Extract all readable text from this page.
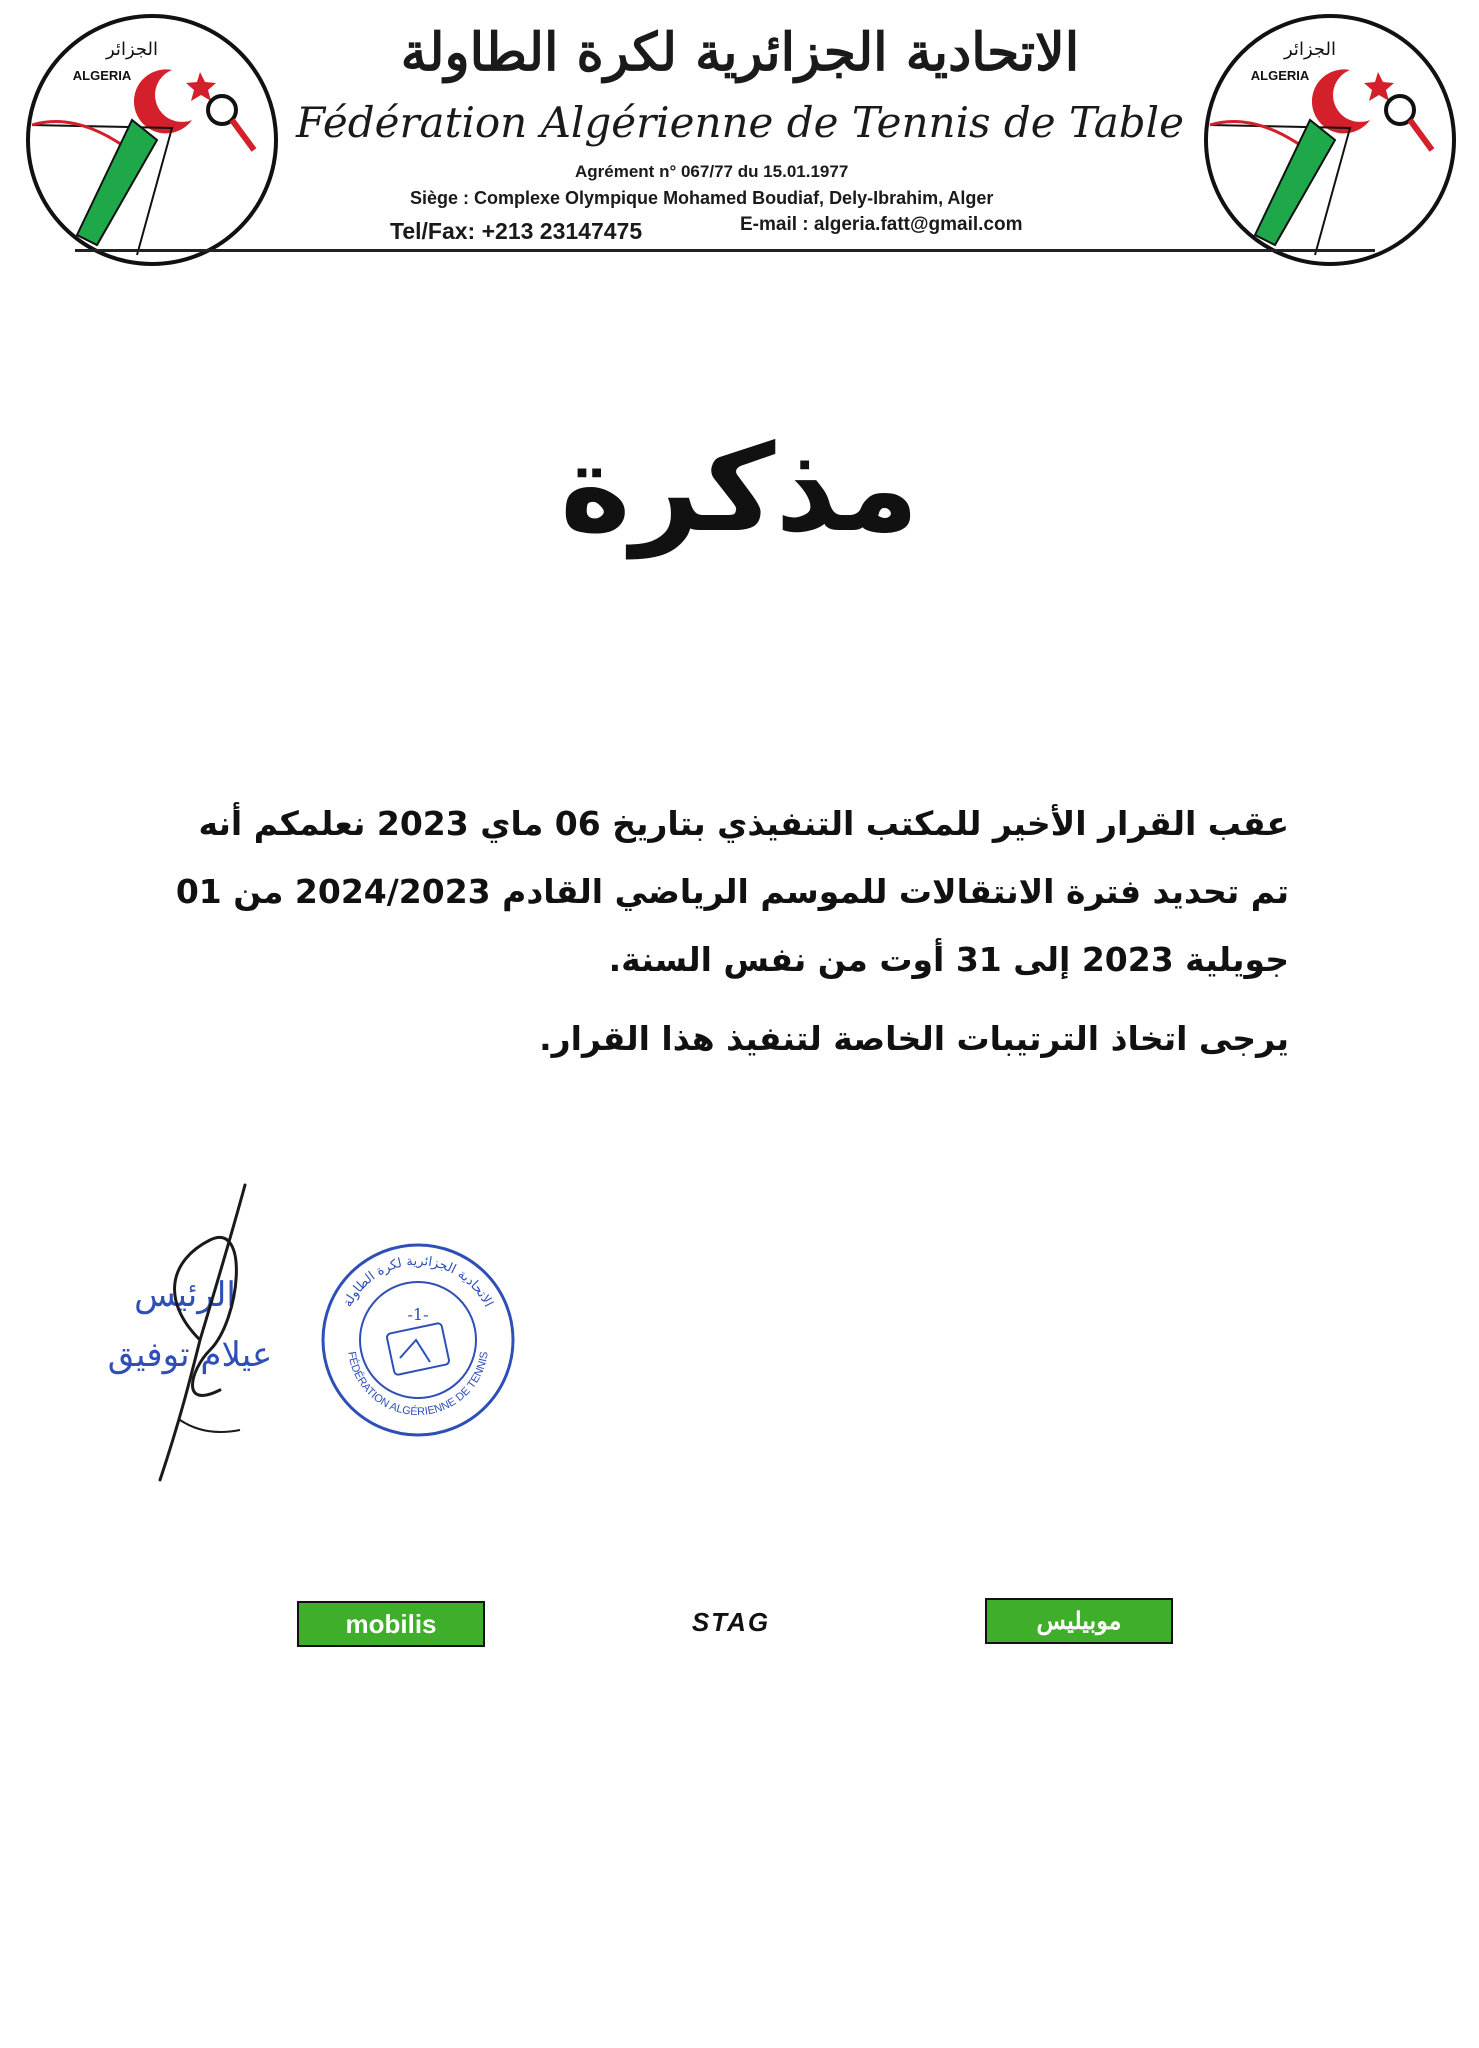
الجزائر
ALGERIA
الجزائر
ALGERIA
الاتحادية الجزائرية لكرة الطاولة
Fédération Algérienne de Tennis de Table
Agrément n° 067/77 du 15.01.1977
Siège : Complexe Olympique Mohamed Boudiaf, Dely-Ibrahim, Alger
Tel/Fax: +213 23147475	E-mail : algeria.fatt@gmail.com
مذكرة
عقب القرار الأخير للمكتب التنفيذي بتاريخ 06 ماي 2023 نعلمكم أنه تم تحديد فترة الانتقالات للموسم الرياضي القادم 2024/2023 من 01 جويلية 2023 إلى 31 أوت من نفس السنة.
يرجى اتخاذ الترتيبات الخاصة لتنفيذ هذا القرار.
الرئيس
عيلام توفيق
الاتحادية الجزائرية لكرة الطاولة
FÉDÉRATION ALGÉRIENNE DE TENNIS
-1-
mobilis	STAG	موبيليس
